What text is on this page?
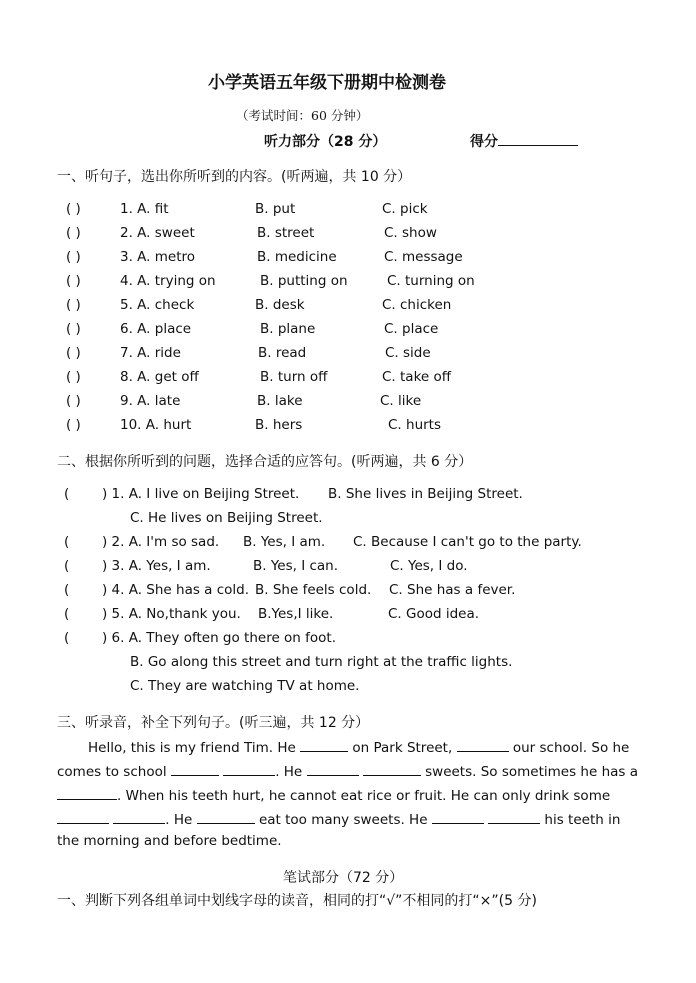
小学英语五年级下册期中检测卷
（考试时间：60 分钟）
听力部分（28 分）	得分
一、听句子，选出你所听到的内容。(听两遍，共 10 分）
( )	1. A. fit	B. put	C. pick
( )	2. A. sweet	B. street	C. show
( )	3. A. metro	B. medicine	C. message
( )	4. A. trying on	B. putting on	C. turning on
( )	5. A. check	B. desk	C. chicken
( )	6. A. place	B. plane	C. place
( )	7. A. ride	B. read	C. side
( )	8. A. get off	B. turn off	C. take off
( )	9. A. late	B. lake	C. like
( )	10. A. hurt	B. hers	C. hurts
二、根据你所听到的问题，选择合适的应答句。(听两遍，共 6 分）
( ) 1. A. I live on Beijing Street. B. She lives in Beijing Street.
C. He lives on Beijing Street.
( ) 2. A. I'm so sad. B. Yes, I am. C. Because I can't go to the party.
( ) 3. A. Yes, I am.	B. Yes, I can.	C. Yes, I do.
( ) 4. A. She has a cold. B. She feels cold. C. She has a fever.
( ) 5. A. No,thank you. B.Yes,I like.	C. Good idea.
( ) 6. A. They often go there on foot.
B. Go along this street and turn right at the traffic lights.
C. They are watching TV at home.
三、听录音，补全下列句子。(听三遍，共 12 分）
Hello, this is my friend Tim. He	on Park Street,	our school. So he
comes to school	. He	sweets. So sometimes he has a
. When his teeth hurt, he cannot eat rice or fruit. He can only drink some
. He	eat too many sweets. He	his teeth in
the morning and before bedtime.
笔试部分（72 分）
一、判断下列各组单词中划线字母的读音，相同的打“√”不相同的打“×”(5 分)
